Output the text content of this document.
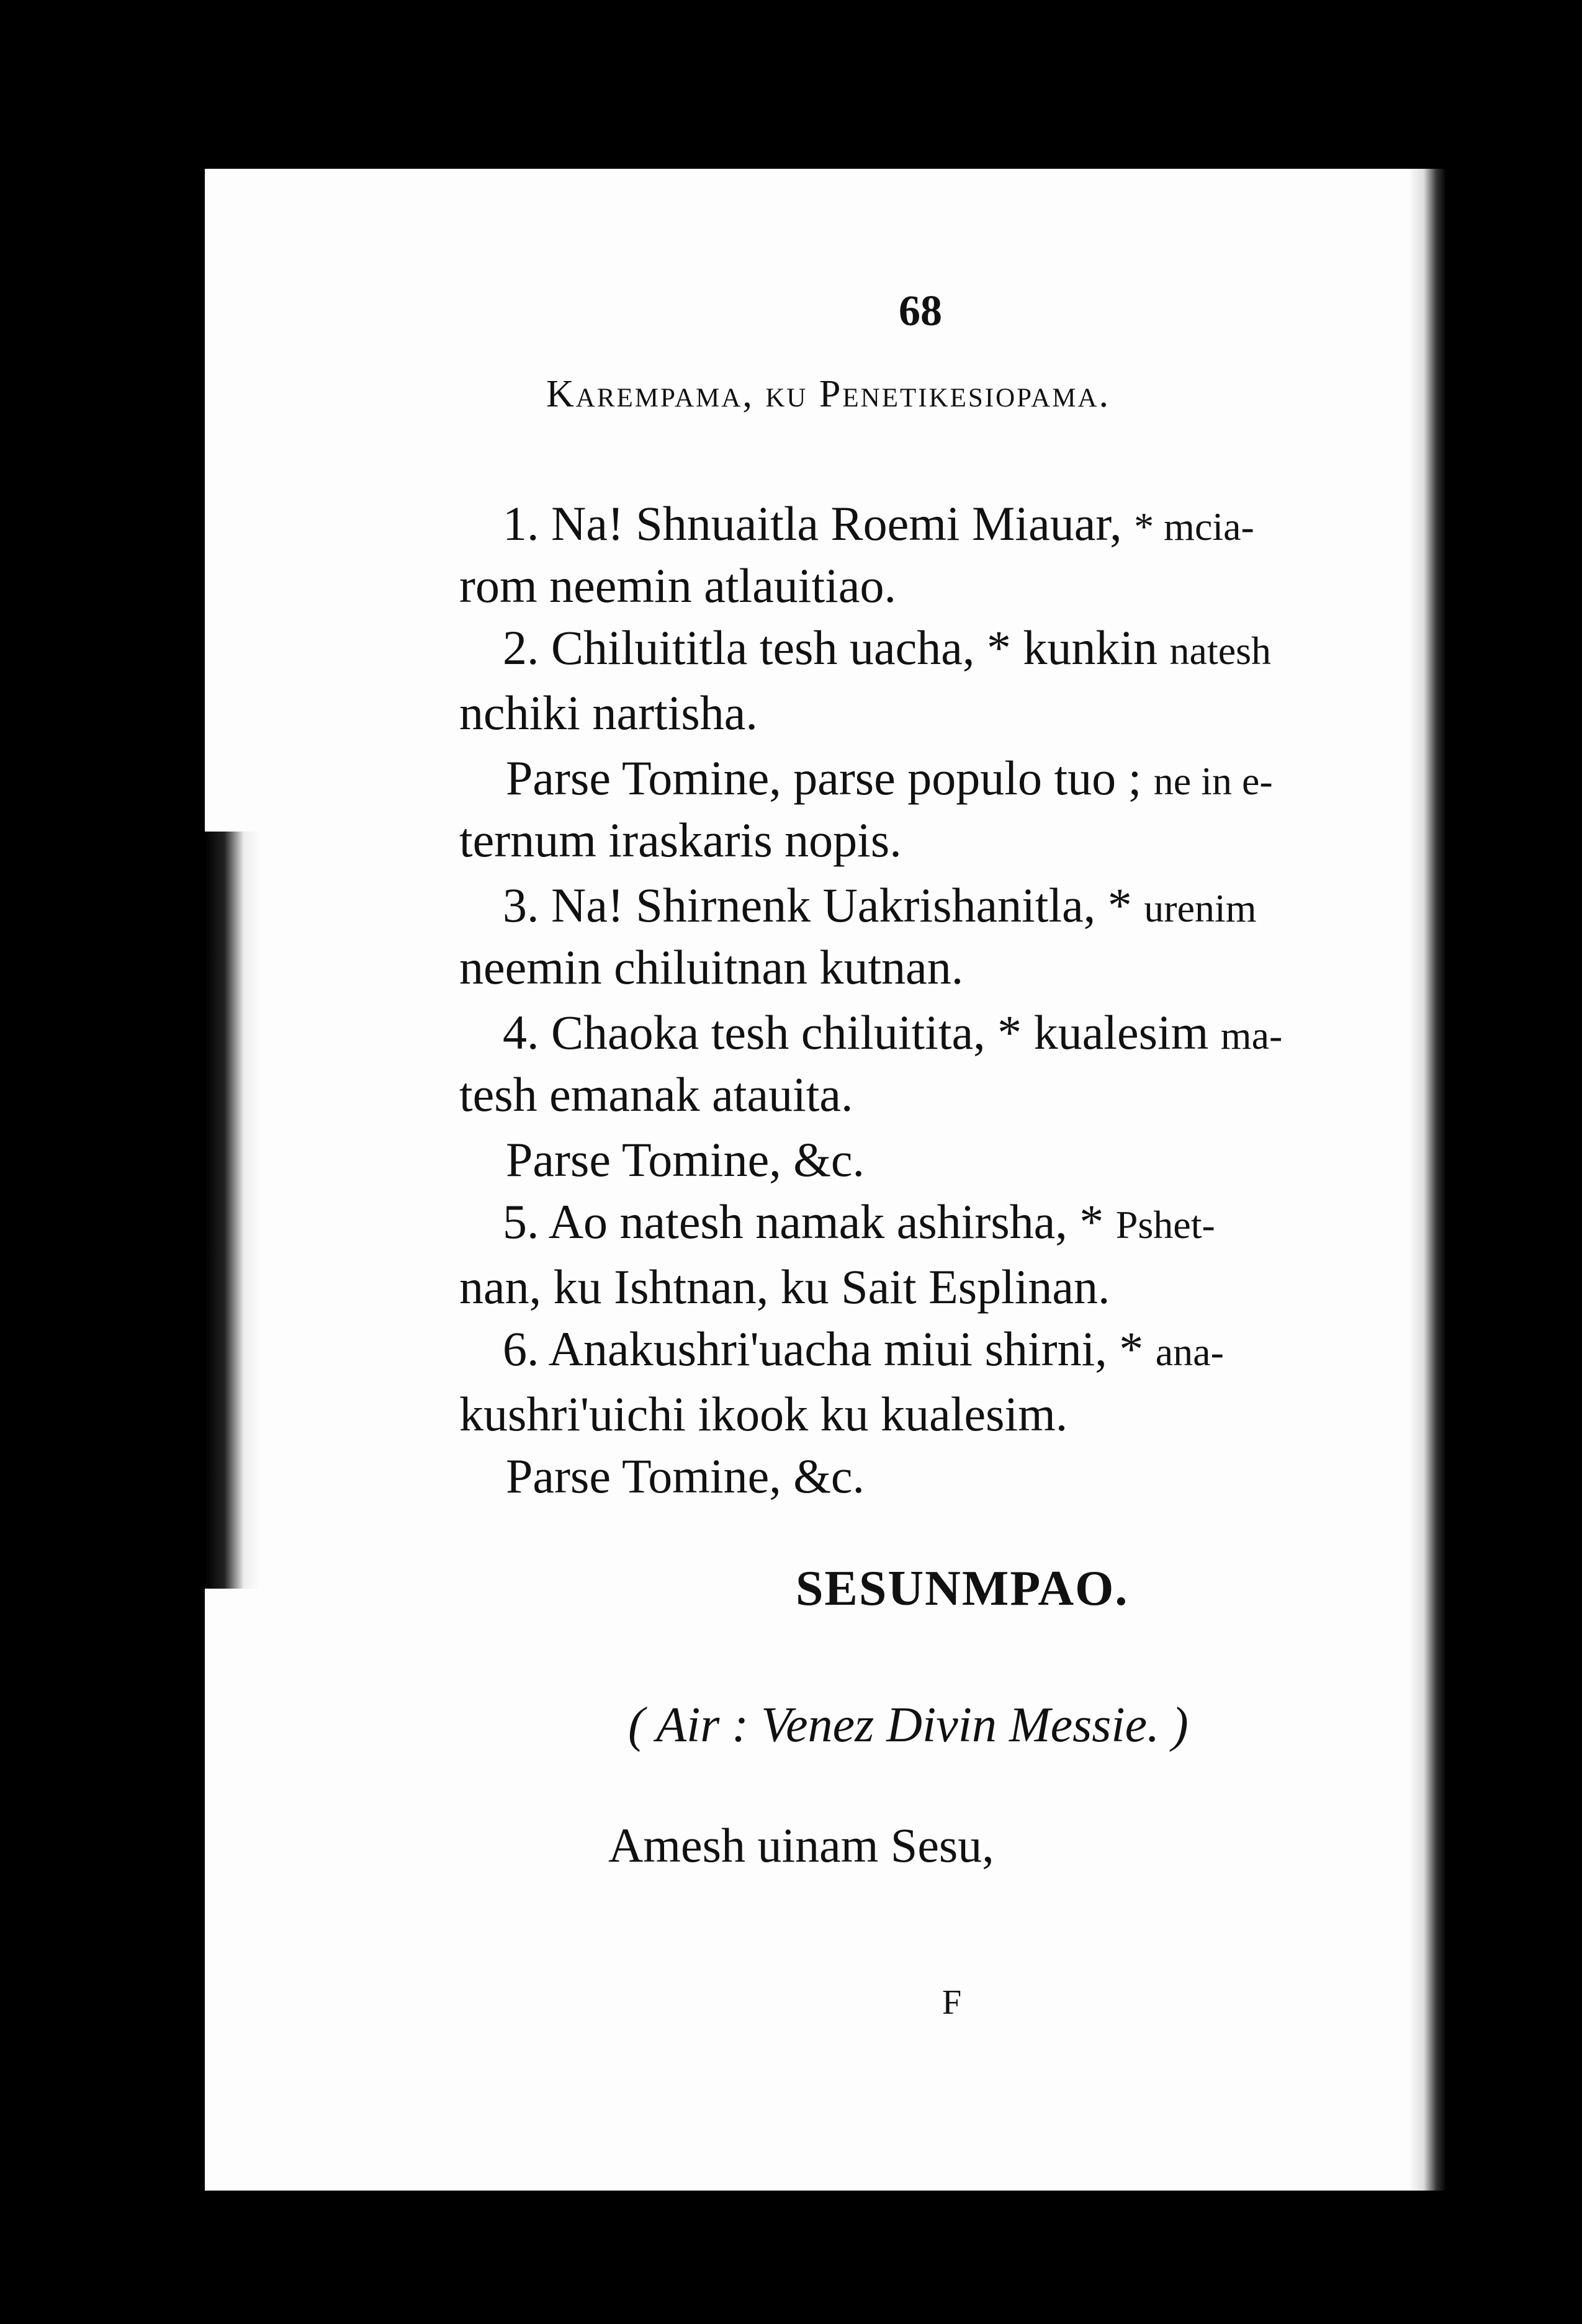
68
Karempama, ku Penetikesiopama.
1. Na! Shnuaitla Roemi Miauar, * mcia-
rom neemin atlauitiao.
2. Chiluititla tesh uacha, * kunkin natesh
nchiki nartisha.
Parse Tomine, parse populo tuo ; ne in e-
ternum iraskaris nopis.
3. Na! Shirnenk Uakrishanitla, * urenim
neemin chiluitnan kutnan.
4. Chaoka tesh chiluitita, * kualesim ma-
tesh emanak atauita.
Parse Tomine, &c.
5. Ao natesh namak ashirsha, * Pshet-
nan, ku Ishtnan, ku Sait Esplinan.
6. Anakushri'uacha miui shirni, * ana-
kushri'uichi ikook ku kualesim.
Parse Tomine, &c.
SESUNMPAO.
( Air : Venez Divin Messie. )
Amesh uinam Sesu,
F
